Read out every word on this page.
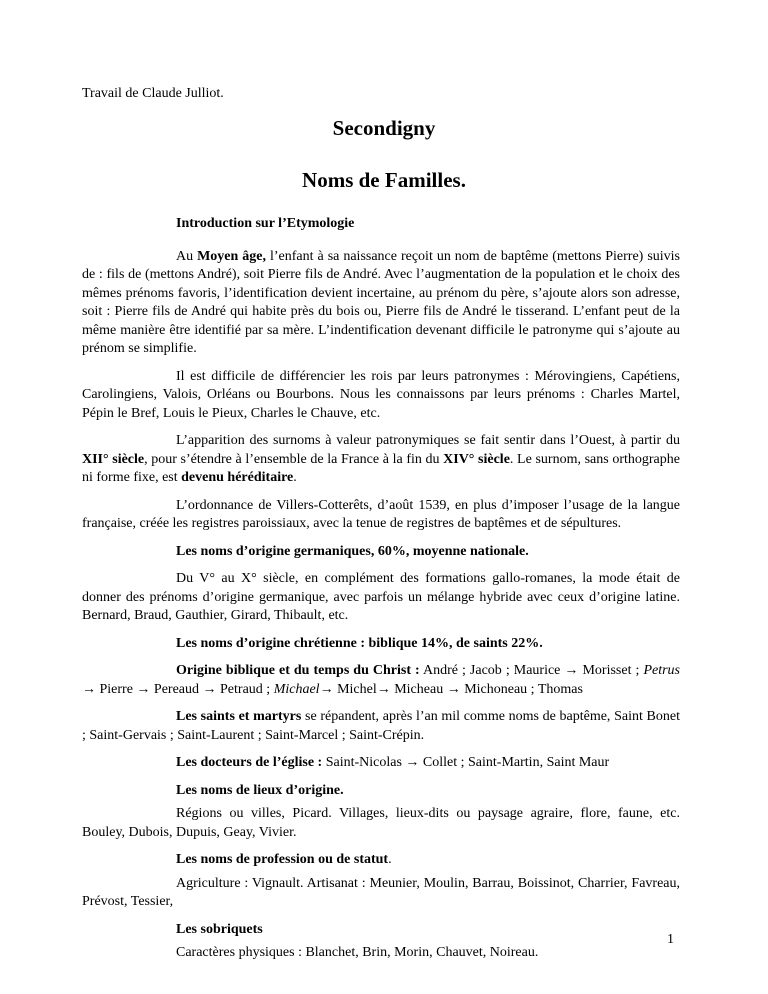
Travail de Claude Julliot.
Secondigny
Noms de Familles.

Introduction sur l’Etymologie

Au Moyen âge, l’enfant à sa naissance reçoit un nom de baptême (mettons Pierre) suivis de : fils de (mettons André), soit Pierre fils de André. Avec l’augmentation de la population et le choix des mêmes prénoms favoris, l’identification devient incertaine, au prénom du père, s’ajoute alors son adresse, soit : Pierre fils de André qui habite près du bois ou, Pierre fils de André le tisserand. L’enfant peut de la même manière être identifié par sa mère. L’indentification devenant difficile le patronyme qui s’ajoute au prénom se simplifie.

Il est difficile de différencier les rois par leurs patronymes : Mérovingiens, Capétiens, Carolingiens, Valois, Orléans ou Bourbons. Nous les connaissons par leurs prénoms : Charles Martel, Pépin le Bref, Louis le Pieux, Charles le Chauve, etc.

L’apparition des surnoms à valeur patronymiques se fait sentir dans l’Ouest, à partir du XII° siècle, pour s’étendre à l’ensemble de la France à la fin du XIV° siècle. Le surnom, sans orthographe ni forme fixe, est devenu héréditaire.

L’ordonnance de Villers-Cotterêts, d’août 1539, en plus d’imposer l’usage de la langue française, créée les registres paroissiaux, avec la tenue de registres de baptêmes et de sépultures.

Les noms d’origine germaniques, 60%, moyenne nationale.

Du V° au X° siècle, en complément des formations gallo-romanes, la mode était de donner des prénoms d’origine germanique, avec parfois un mélange hybride avec ceux d’origine latine. Bernard, Braud, Gauthier, Girard, Thibault, etc.

Les noms d’origine chrétienne : biblique 14%, de saints 22%.

Origine biblique et du temps du Christ : André ; Jacob ; Maurice → Morisset ; Petrus → Pierre → Pereaud → Petraud ; Michael→ Michel→ Micheau → Michoneau ; Thomas

Les saints et martyrs se répandent, après l’an mil comme noms de baptême, Saint Bonet ; Saint-Gervais ; Saint-Laurent ; Saint-Marcel ; Saint-Crépin.

Les docteurs de l’église : Saint-Nicolas → Collet ; Saint-Martin, Saint Maur

Les noms de lieux d’origine.

Régions ou villes, Picard. Villages, lieux-dits ou paysage agraire, flore, faune, etc. Bouley, Dubois, Dupuis, Geay, Vivier.

Les noms de profession ou de statut.

Agriculture : Vignault. Artisanat : Meunier, Moulin, Barrau, Boissinot, Charrier, Favreau, Prévost, Tessier,

Les sobriquets

Caractères physiques : Blanchet, Brin, Morin, Chauvet, Noireau.

1
